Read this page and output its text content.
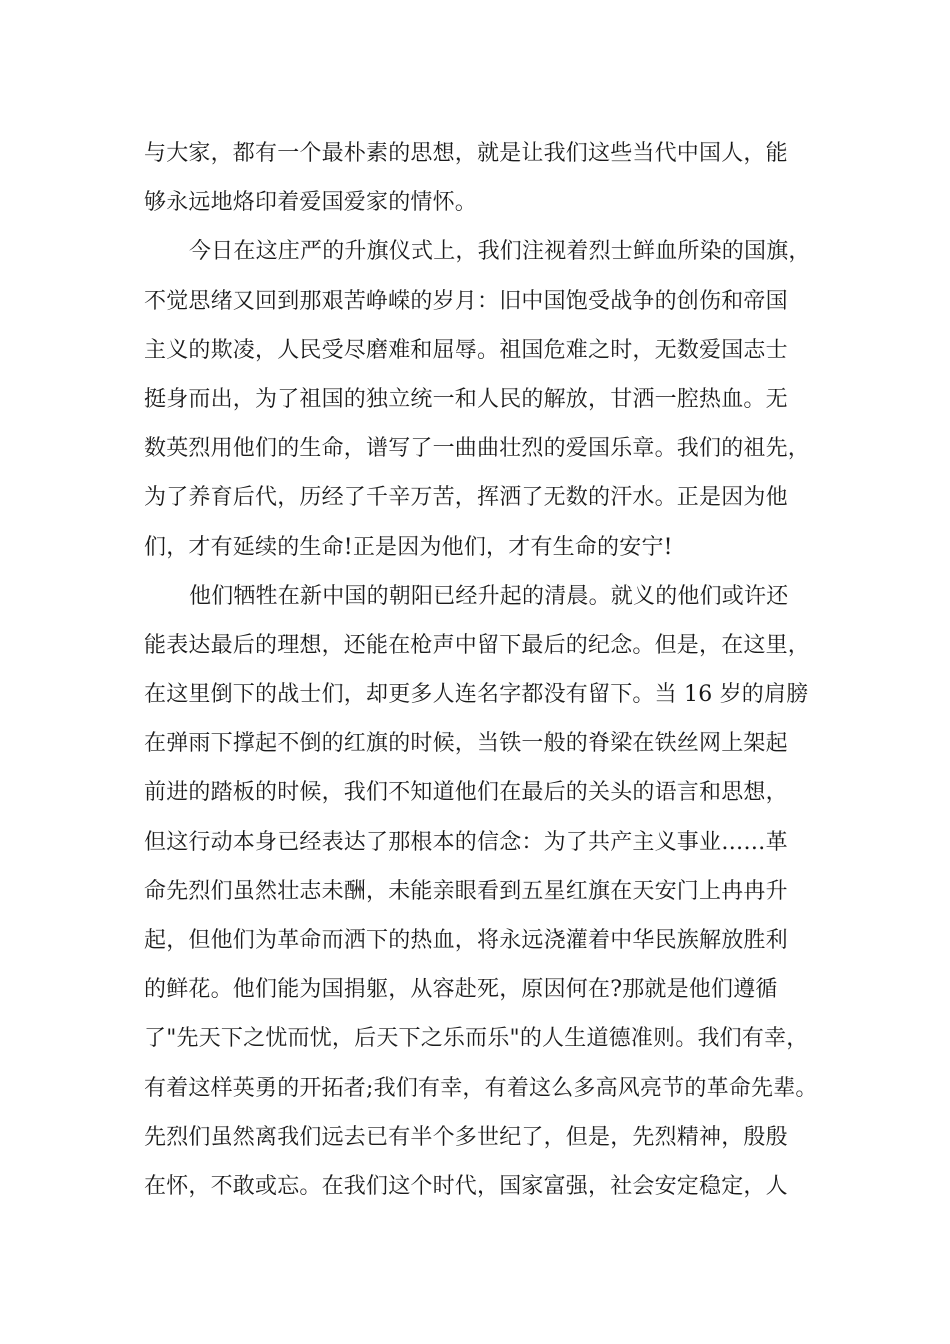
与大家，都有一个最朴素的思想，就是让我们这些当代中国人，能
够永远地烙印着爱国爱家的情怀。
今日在这庄严的升旗仪式上，我们注视着烈士鲜血所染的国旗，
不觉思绪又回到那艰苦峥嵘的岁月：旧中国饱受战争的创伤和帝国
主义的欺凌，人民受尽磨难和屈辱。祖国危难之时，无数爱国志士
挺身而出，为了祖国的独立统一和人民的解放，甘洒一腔热血。无
数英烈用他们的生命，谱写了一曲曲壮烈的爱国乐章。我们的祖先，
为了养育后代，历经了千辛万苦，挥洒了无数的汗水。正是因为他
们，才有延续的生命!正是因为他们，才有生命的安宁!
他们牺牲在新中国的朝阳已经升起的清晨。就义的他们或许还
能表达最后的理想，还能在枪声中留下最后的纪念。但是，在这里，
在这里倒下的战士们，却更多人连名字都没有留下。当 16 岁的肩膀
在弹雨下撑起不倒的红旗的时候，当铁一般的脊梁在铁丝网上架起
前进的踏板的时候，我们不知道他们在最后的关头的语言和思想，
但这行动本身已经表达了那根本的信念：为了共产主义事业……革
命先烈们虽然壮志未酬，未能亲眼看到五星红旗在天安门上冉冉升
起，但他们为革命而洒下的热血，将永远浇灌着中华民族解放胜利
的鲜花。他们能为国捐躯，从容赴死，原因何在?那就是他们遵循
了"先天下之忧而忧，后天下之乐而乐"的人生道德准则。我们有幸，
有着这样英勇的开拓者;我们有幸，有着这么多高风亮节的革命先辈。
先烈们虽然离我们远去已有半个多世纪了，但是，先烈精神，殷殷
在怀，不敢或忘。在我们这个时代，国家富强，社会安定稳定，人
